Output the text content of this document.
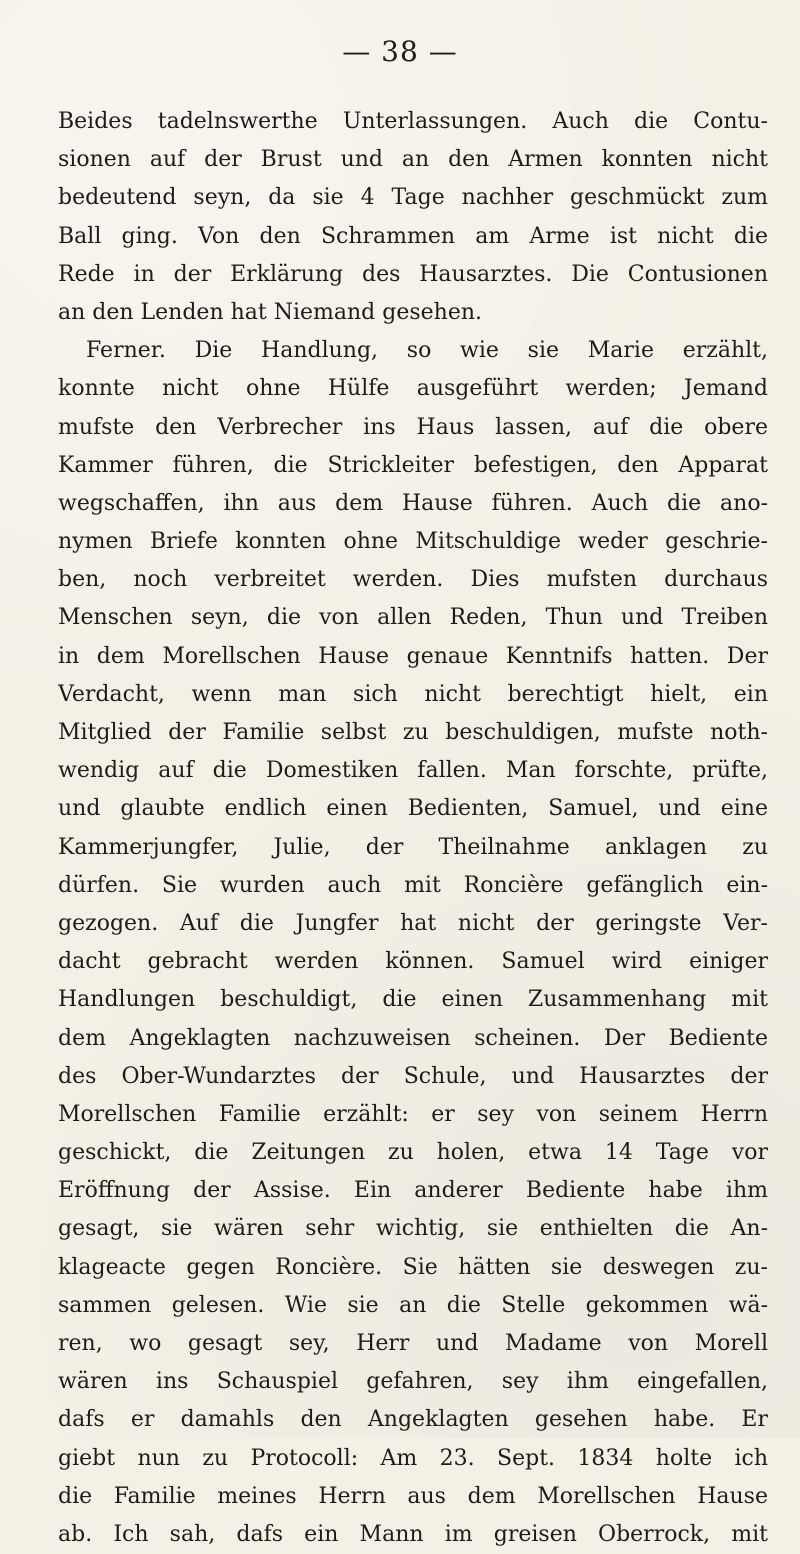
— 38 —
Beides tadelnswerthe Unterlassungen. Auch die Contu-
sionen auf der Brust und an den Armen konnten nicht
bedeutend seyn, da sie 4 Tage nachher geschmückt zum
Ball ging. Von den Schrammen am Arme ist nicht die
Rede in der Erklärung des Hausarztes. Die Contusionen
an den Lenden hat Niemand gesehen.
Ferner. Die Handlung, so wie sie Marie erzählt,
konnte nicht ohne Hülfe ausgeführt werden; Jemand
mufste den Verbrecher ins Haus lassen, auf die obere
Kammer führen, die Strickleiter befestigen, den Apparat
wegschaffen, ihn aus dem Hause führen. Auch die ano-
nymen Briefe konnten ohne Mitschuldige weder geschrie-
ben, noch verbreitet werden. Dies mufsten durchaus
Menschen seyn, die von allen Reden, Thun und Treiben
in dem Morellschen Hause genaue Kenntnifs hatten. Der
Verdacht, wenn man sich nicht berechtigt hielt, ein
Mitglied der Familie selbst zu beschuldigen, mufste noth-
wendig auf die Domestiken fallen. Man forschte, prüfte,
und glaubte endlich einen Bedienten, Samuel, und eine
Kammerjungfer, Julie, der Theilnahme anklagen zu
dürfen. Sie wurden auch mit Roncière gefänglich ein-
gezogen. Auf die Jungfer hat nicht der geringste Ver-
dacht gebracht werden können. Samuel wird einiger
Handlungen beschuldigt, die einen Zusammenhang mit
dem Angeklagten nachzuweisen scheinen. Der Bediente
des Ober-Wundarztes der Schule, und Hausarztes der
Morellschen Familie erzählt: er sey von seinem Herrn
geschickt, die Zeitungen zu holen, etwa 14 Tage vor
Eröffnung der Assise. Ein anderer Bediente habe ihm
gesagt, sie wären sehr wichtig, sie enthielten die An-
klageacte gegen Roncière. Sie hätten sie deswegen zu-
sammen gelesen. Wie sie an die Stelle gekommen wä-
ren, wo gesagt sey, Herr und Madame von Morell
wären ins Schauspiel gefahren, sey ihm eingefallen,
dafs er damahls den Angeklagten gesehen habe. Er
giebt nun zu Protocoll: Am 23. Sept. 1834 holte ich
die Familie meines Herrn aus dem Morellschen Hause
ab. Ich sah, dafs ein Mann im greisen Oberrock, mit
